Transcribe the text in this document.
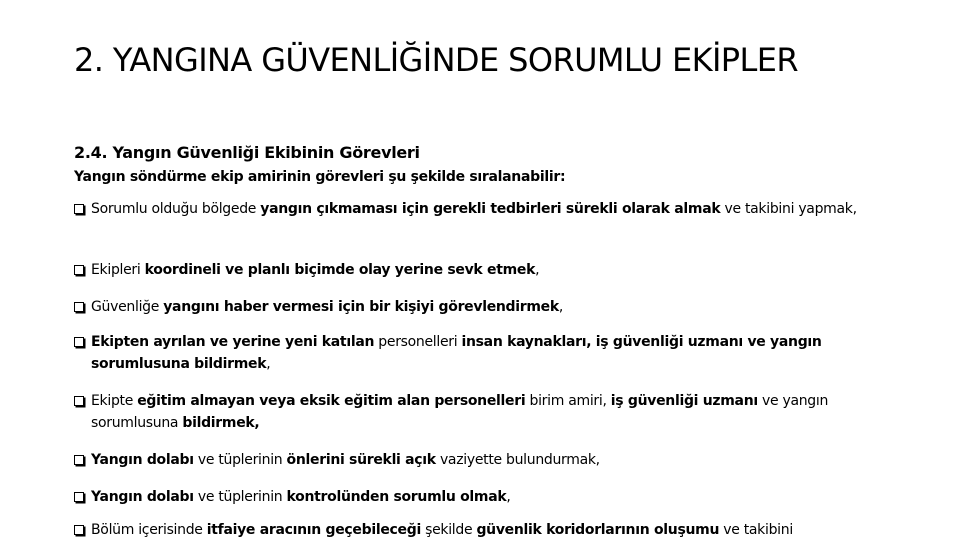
2. YANGINA GÜVENLİĞİNDE SORUMLU EKİPLER
2.4. Yangın Güvenliği Ekibinin Görevleri

Yangın söndürme ekip amirinin görevleri şu şekilde sıralanabilir:

Sorumlu olduğu bölgede yangın çıkmaması için gerekli tedbirleri sürekli olarak almak ve takibini yapmak,

Ekipleri koordineli ve planlı biçimde olay yerine sevk etmek,

Güvenliğe yangını haber vermesi için bir kişiyi görevlendirmek,

Ekipten ayrılan ve yerine yeni katılan personelleri insan kaynakları, iş güvenliği uzmanı ve yangın sorumlusuna bildirmek,

Ekipte eğitim almayan veya eksik eğitim alan personelleri birim amiri, iş güvenliği uzmanı ve yangın sorumlusuna bildirmek,

Yangın dolabı ve tüplerinin önlerini sürekli açık vaziyette bulundurmak,

Yangın dolabı ve tüplerinin kontrolünden sorumlu olmak,

Bölüm içerisinde itfaiye aracının geçebileceği şekilde güvenlik koridorlarının oluşumu ve takibini
